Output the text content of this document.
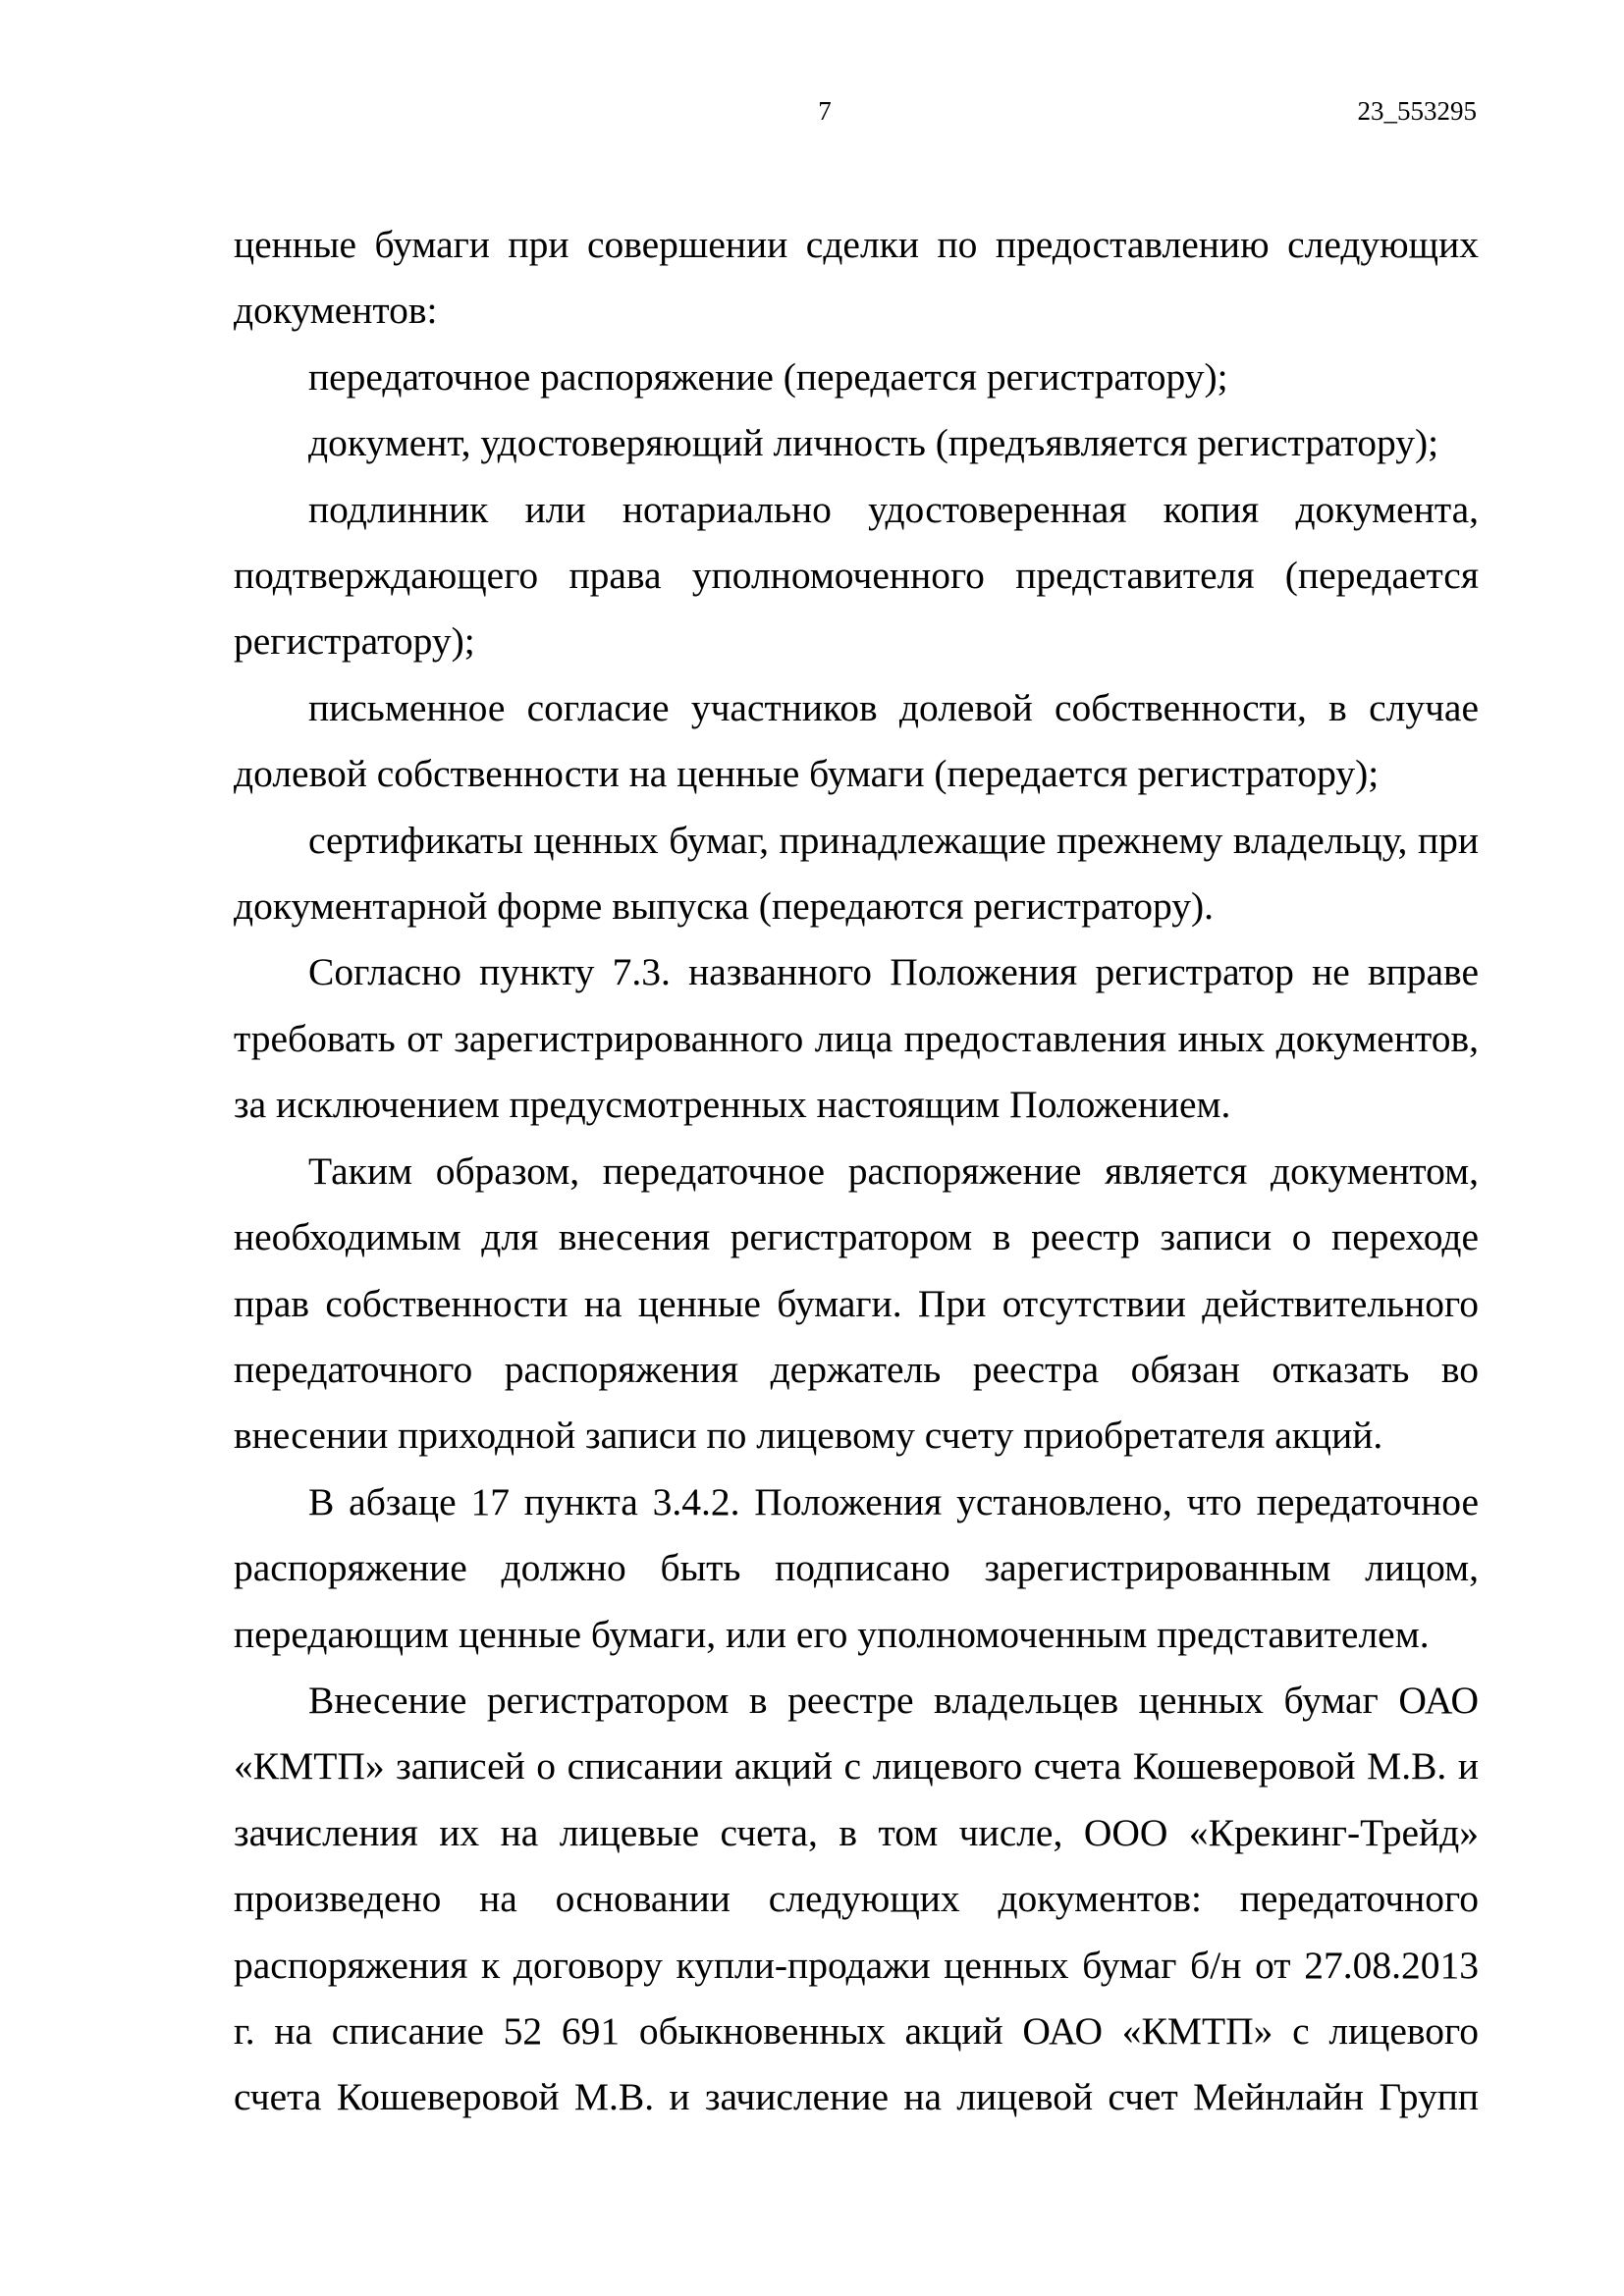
7	23_553295

ценные бумаги при совершении сделки по предоставлению следующих документов:

передаточное распоряжение (передается регистратору);

документ, удостоверяющий личность (предъявляется регистратору);

подлинник или нотариально удостоверенная копия документа, подтверждающего права уполномоченного представителя (передается регистратору);

письменное согласие участников долевой собственности, в случае долевой собственности на ценные бумаги (передается регистратору);

сертификаты ценных бумаг, принадлежащие прежнему владельцу, при документарной форме выпуска (передаются регистратору).

Согласно пункту 7.3. названного Положения регистратор не вправе требовать от зарегистрированного лица предоставления иных документов, за исключением предусмотренных настоящим Положением.

Таким образом, передаточное распоряжение является документом, необходимым для внесения регистратором в реестр записи о переходе прав собственности на ценные бумаги. При отсутствии действительного передаточного распоряжения держатель реестра обязан отказать во внесении приходной записи по лицевому счету приобретателя акций.

В абзаце 17 пункта 3.4.2. Положения установлено, что передаточное распоряжение должно быть подписано зарегистрированным лицом, передающим ценные бумаги, или его уполномоченным представителем.

Внесение регистратором в реестре владельцев ценных бумаг ОАО «КМТП» записей о списании акций с лицевого счета Кошеверовой М.В. и зачисления их на лицевые счета, в том числе, ООО «Крекинг-Трейд» произведено на основании следующих документов: передаточного распоряжения к договору купли-продажи ценных бумаг б/н от 27.08.2013 г. на списание 52 691 обыкновенных акций ОАО «КМТП» с лицевого счета Кошеверовой М.В. и зачисление на лицевой счет Мейнлайн Групп
